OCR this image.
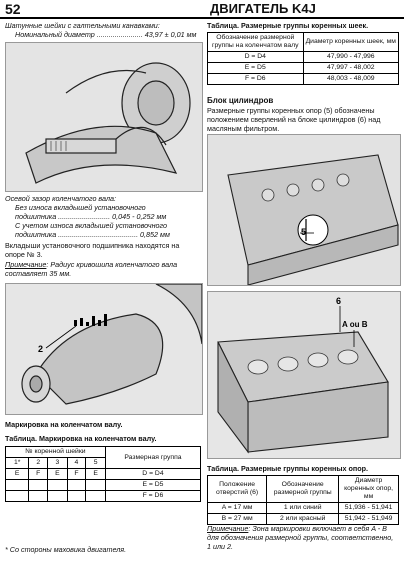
52	ДВИГАТЕЛЬ K4J
Шатунные шейки с галтельными канавками:
Номинальный диаметр ....................... 43,97 ± 0,01 мм
Осевой зазор коленчатого вала:
Без износа вкладышей установочного
подшипника .......................... 0,045 - 0,252 мм
С учетом износа вкладышей установочного
подшипника ........................................ 0,852 мм
Вкладыши установочного подшипника находятся на опоре № 3.
Примечание: Радиус кривошипа коленчатого вала составляет 35 мм.
2
Маркировка на коленчатом валу.
Таблица. Маркировка на коленчатом валу.
№ коренной шейки					Размерная группа
1*	2	3	4	5	
E	F	E	F	E	D = D4
					E = D5
					F = D6
* Со стороны маховика двигателя.
Таблица. Размерные группы коренных шеек.
Обозначение размерной группы на коленчатом валу	Диаметр коренных шеек, мм
D = D4	47,990 - 47,996
E = D5	47,997 - 48,002
F = D6	48,003 - 48,009
Блок цилиндров
Размерные группы коренных опор (5) обозначены положением сверлений на блоке цилиндров (6) над масляным фильтром.
5
6
A ou B
Таблица. Размерные группы коренных опор.
Положение отверстий (6)	Обозначение размерной группы	Диаметр коренных опор, мм
A = 17 мм	1 или синий	51,936 - 51,941
B = 27 мм	2 или красный	51,942 - 51,949
Примечание: Зона маркировки включает в себя A - B для обозначения размерной группы, соответственно, 1 или 2.
